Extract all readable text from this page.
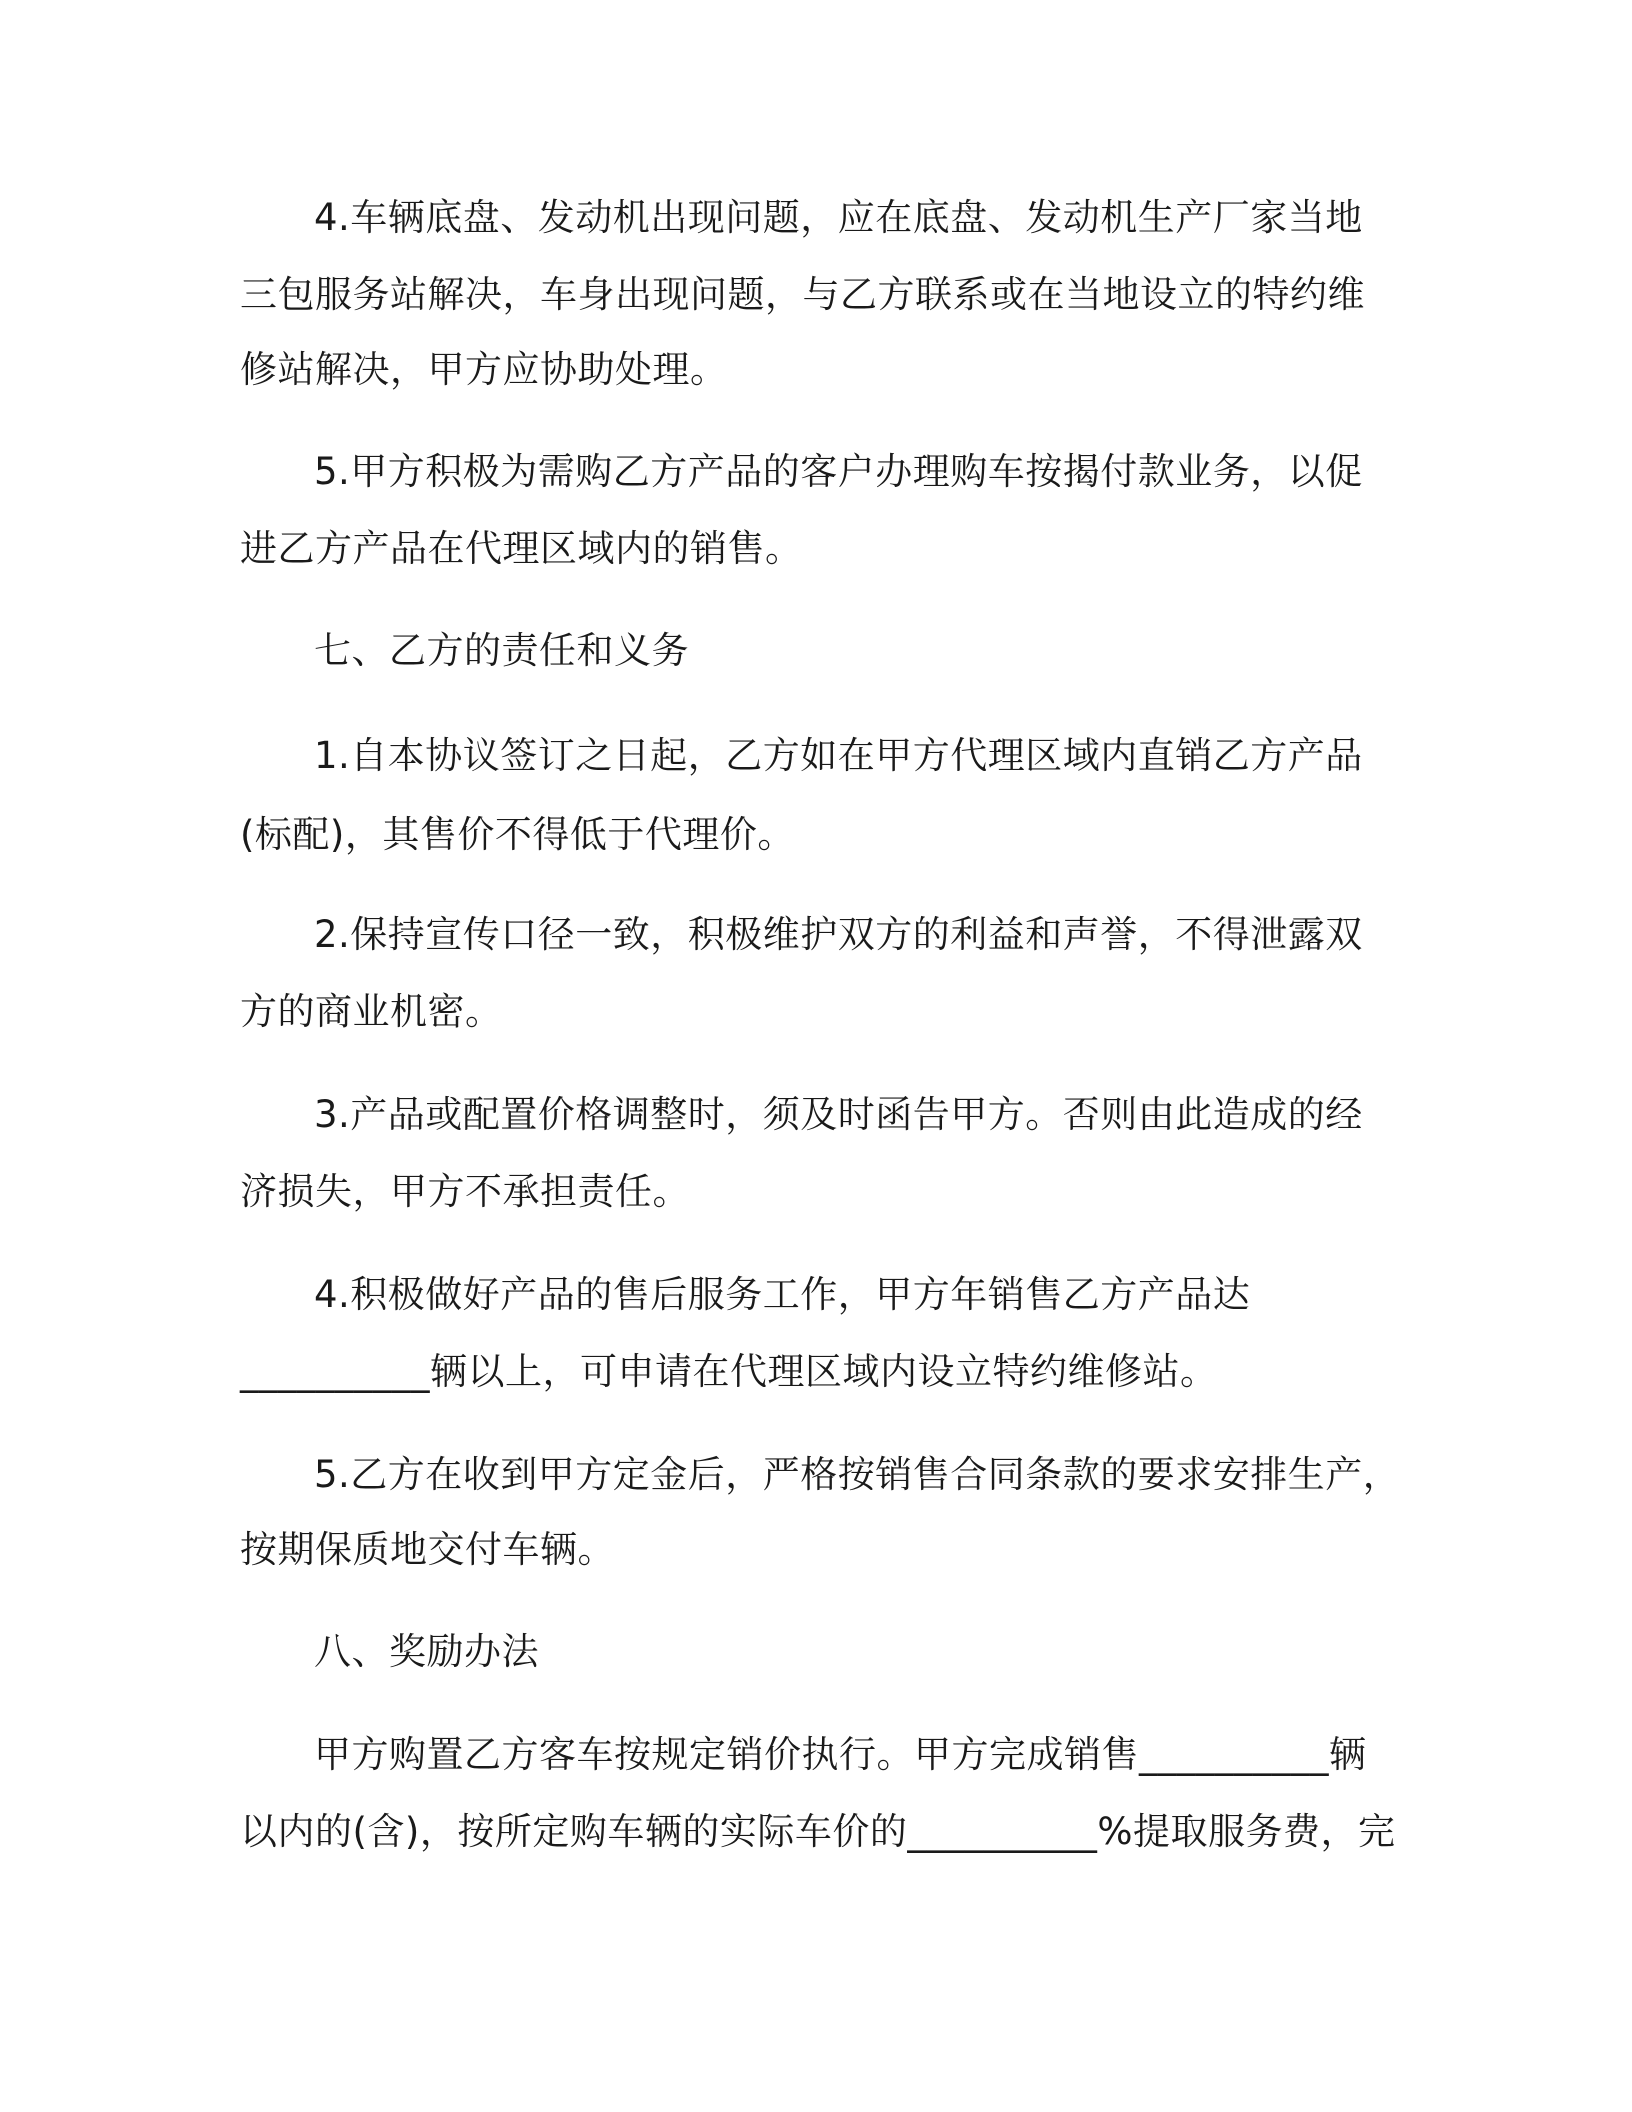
4.车辆底盘、发动机出现问题，应在底盘、发动机生产厂家当地

三包服务站解决，车身出现问题，与乙方联系或在当地设立的特约维

修站解决，甲方应协助处理。

5.甲方积极为需购乙方产品的客户办理购车按揭付款业务，以促

进乙方产品在代理区域内的销售。

七、乙方的责任和义务

1.自本协议签订之日起，乙方如在甲方代理区域内直销乙方产品

(标配)，其售价不得低于代理价。

2.保持宣传口径一致，积极维护双方的利益和声誉，不得泄露双

方的商业机密。

3.产品或配置价格调整时，须及时函告甲方。否则由此造成的经

济损失，甲方不承担责任。

4.积极做好产品的售后服务工作，甲方年销售乙方产品达

__________辆以上，可申请在代理区域内设立特约维修站。

5.乙方在收到甲方定金后，严格按销售合同条款的要求安排生产，

按期保质地交付车辆。

八、奖励办法

甲方购置乙方客车按规定销价执行。甲方完成销售__________辆

以内的(含)，按所定购车辆的实际车价的__________%提取服务费，完
